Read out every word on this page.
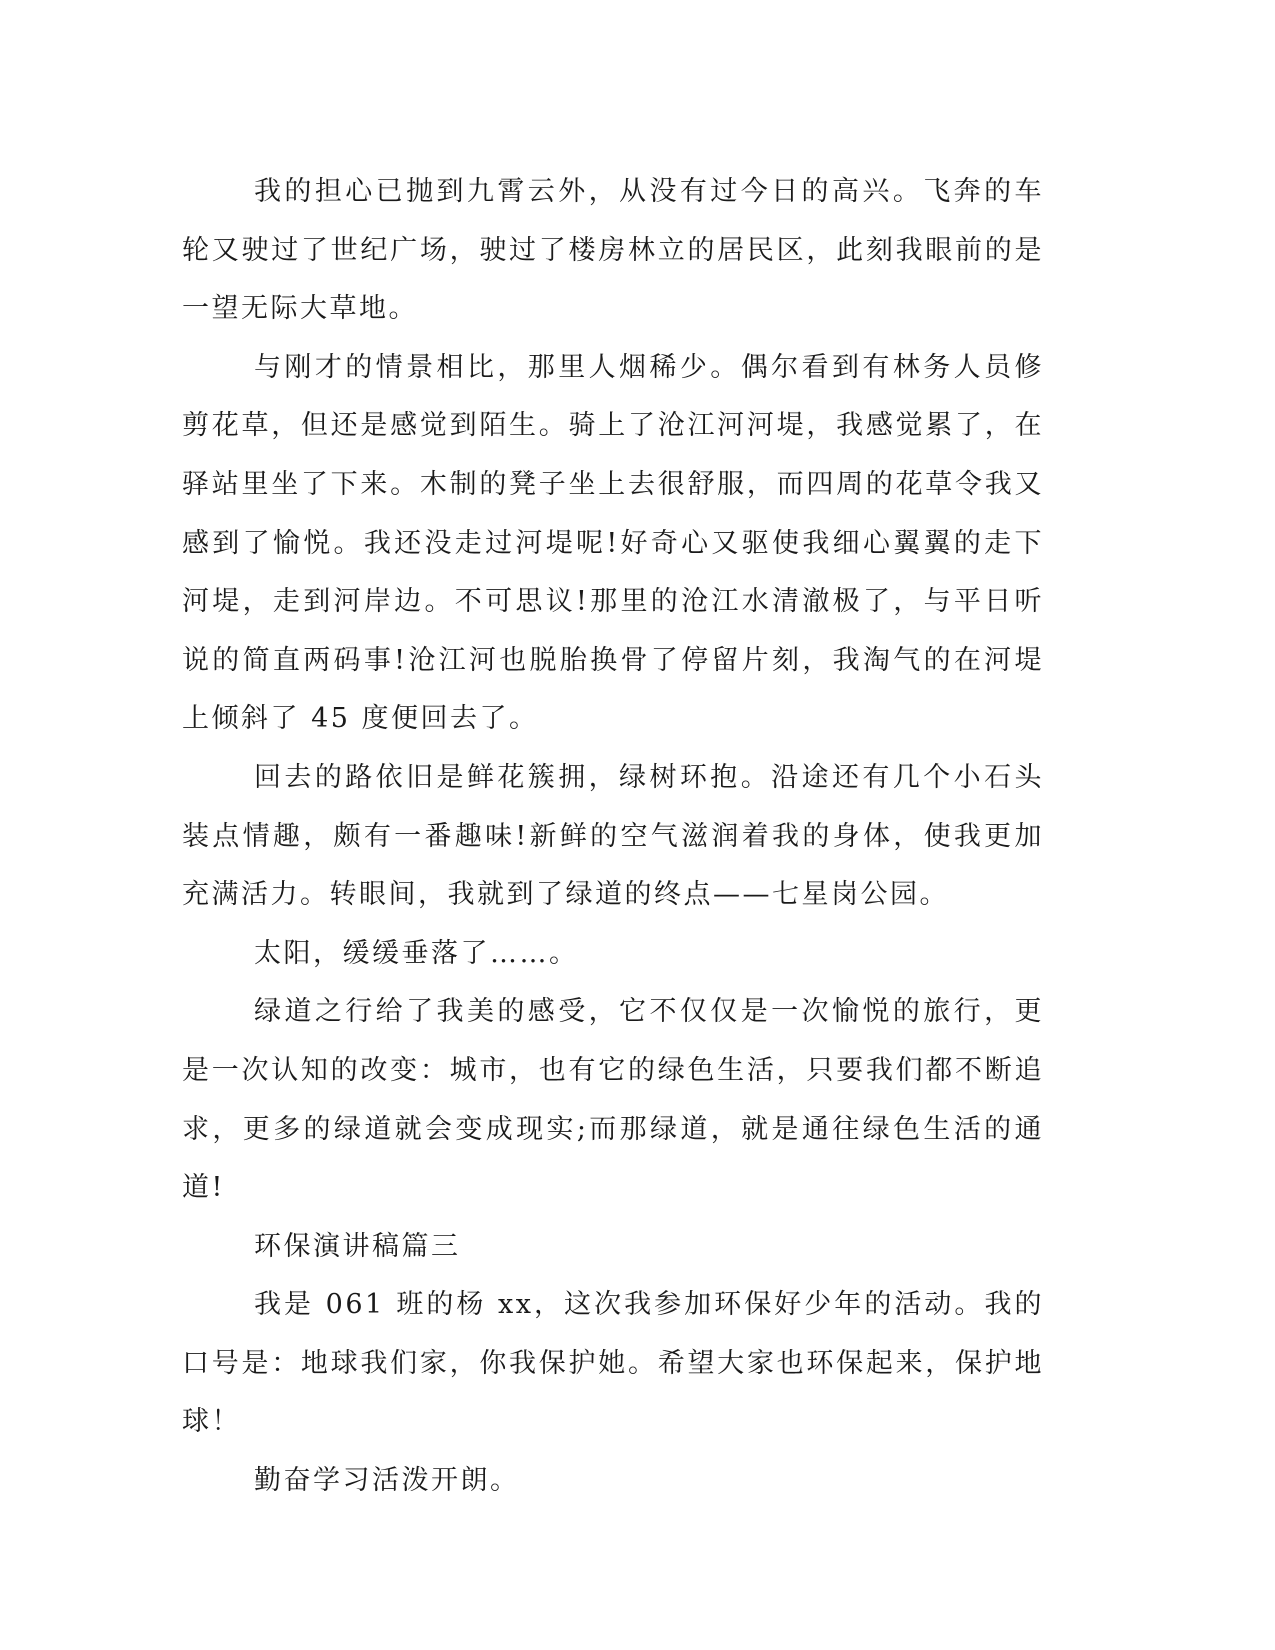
我的担心已抛到九霄云外，从没有过今日的高兴。飞奔的车轮又驶过了世纪广场，驶过了楼房林立的居民区，此刻我眼前的是一望无际大草地。

与刚才的情景相比，那里人烟稀少。偶尔看到有林务人员修剪花草，但还是感觉到陌生。骑上了沧江河河堤，我感觉累了，在驿站里坐了下来。木制的凳子坐上去很舒服，而四周的花草令我又感到了愉悦。我还没走过河堤呢!好奇心又驱使我细心翼翼的走下河堤，走到河岸边。不可思议!那里的沧江水清澈极了，与平日听说的简直两码事!沧江河也脱胎换骨了停留片刻，我淘气的在河堤上倾斜了 45 度便回去了。

回去的路依旧是鲜花簇拥，绿树环抱。沿途还有几个小石头装点情趣，颇有一番趣味!新鲜的空气滋润着我的身体，使我更加充满活力。转眼间，我就到了绿道的终点——七星岗公园。

太阳，缓缓垂落了……。

绿道之行给了我美的感受，它不仅仅是一次愉悦的旅行，更是一次认知的改变：城市，也有它的绿色生活，只要我们都不断追求，更多的绿道就会变成现实;而那绿道，就是通往绿色生活的通道!

环保演讲稿篇三

我是 061 班的杨 xx，这次我参加环保好少年的活动。我的口号是：地球我们家，你我保护她。希望大家也环保起来，保护地球！

勤奋学习活泼开朗。
